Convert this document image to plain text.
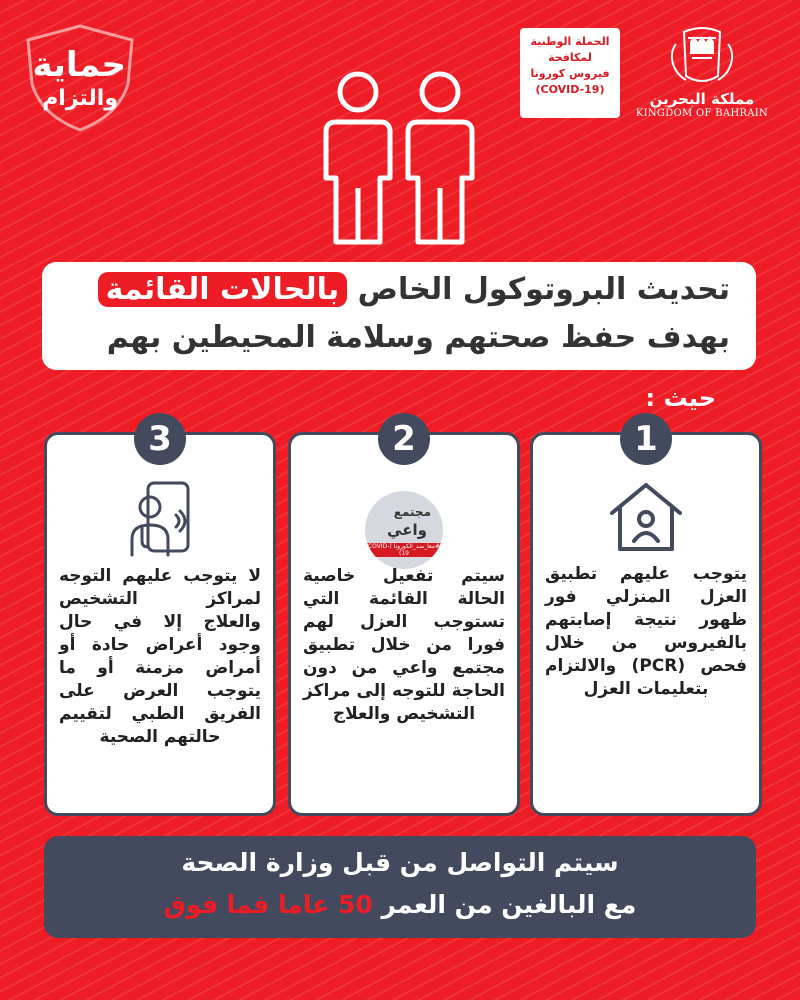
حماية
والتزام
الحملة الوطنية
لمكافحة
فيروس كورونا
(COVID-19)
مملكة البحرين
KINGDOM OF BAHRAIN
تحديث البروتوكول الخاص بالحالات القائمة
بهدف حفظ صحتهم وسلامة المحيطين بهم
حيث :
1
يتوجب عليهم تطبيق العزل المنزلي فور ظهور نتيجة إصابتهم بالفيروس من خلال فحص (PCR) والالتزام بتعليمات العزل
2
مجتمع
واعي
#معا_ضد_الكورونا (COVID-19)
سيتم تفعيل خاصية الحالة القائمة التي تستوجب العزل لهم فورا من خلال تطبيق مجتمع واعي من دون الحاجة للتوجه إلى مراكز التشخيص والعلاج
3
لا يتوجب عليهم التوجه لمراكز التشخيص والعلاج إلا في حال وجود أعراض حادة أو أمراض مزمنة أو ما يتوجب العرض على الفريق الطبي لتقييم حالتهم الصحية
سيتم التواصل من قبل وزارة الصحة
مع البالغين من العمر 50 عاما فما فوق
